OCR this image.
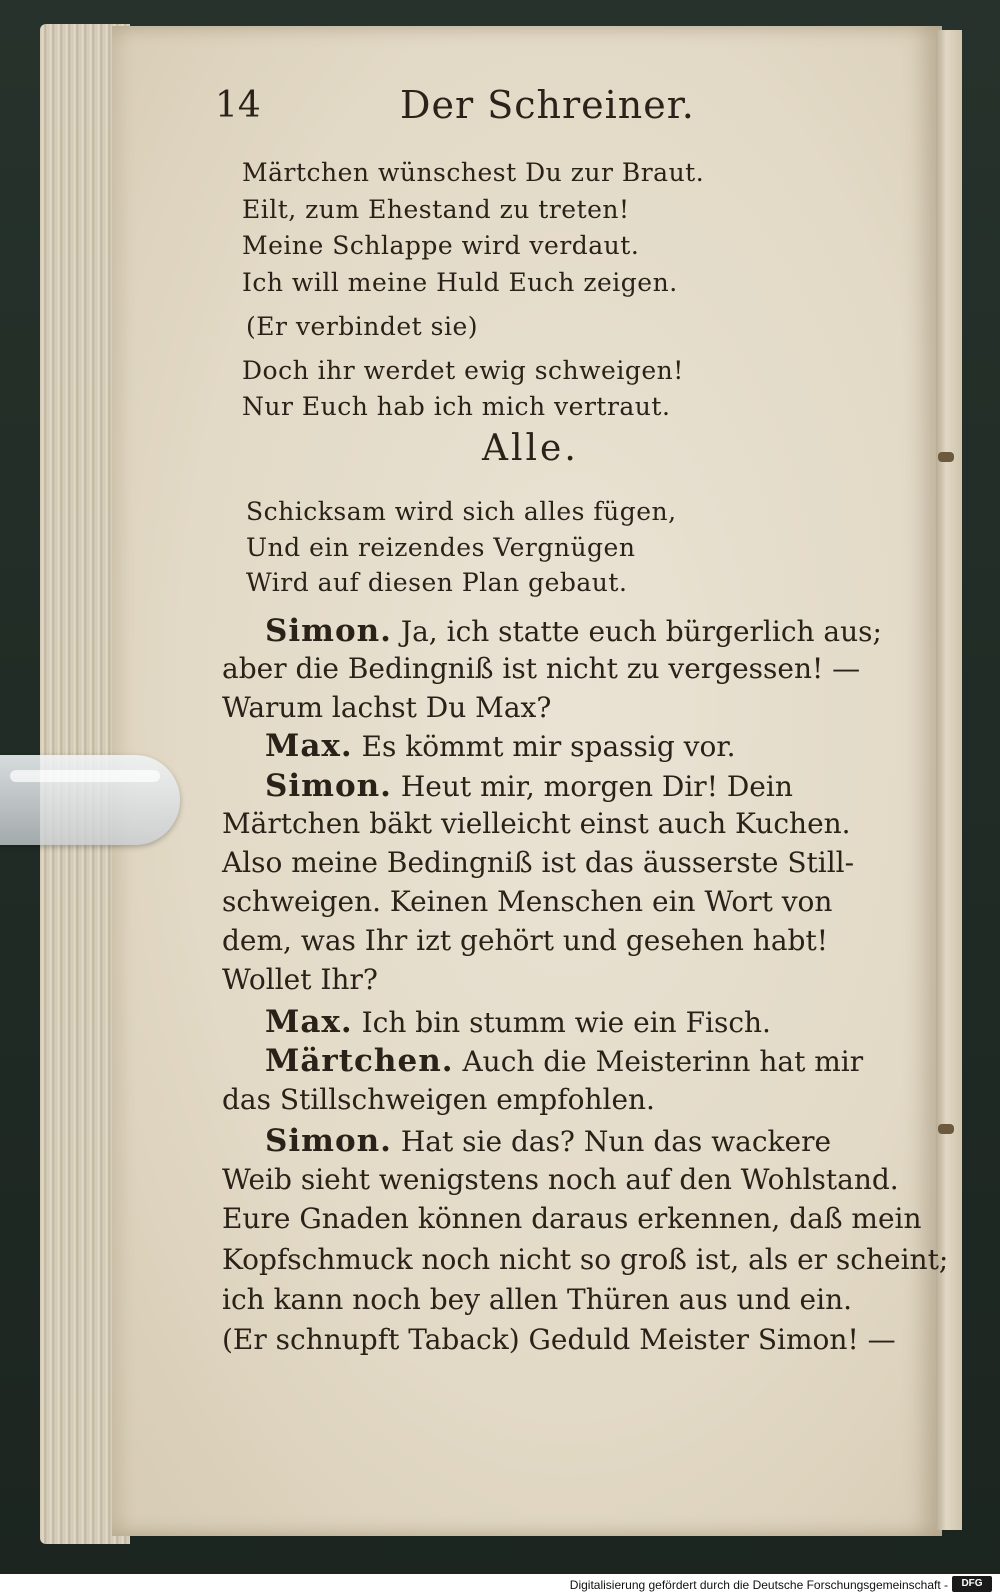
14	Der Schreiner.
Märtchen wünschest Du zur Braut.
Eilt, zum Ehestand zu treten!
Meine Schlappe wird verdaut.
Ich will meine Huld Euch zeigen.
(Er verbindet sie)
Doch ihr werdet ewig schweigen!
Nur Euch hab ich mich vertraut.
Alle.
Schicksam wird sich alles fügen,
Und ein reizendes Vergnügen
Wird auf diesen Plan gebaut.
Simon. Ja, ich statte euch bürgerlich aus;
aber die Bedingniß ist nicht zu vergessen! —
Warum lachst Du Max?
Max. Es kömmt mir spassig vor.
Simon. Heut mir, morgen Dir! Dein
Märtchen bäkt vielleicht einst auch Kuchen.
Also meine Bedingniß ist das äusserste Still-
schweigen. Keinen Menschen ein Wort von
dem, was Ihr izt gehört und gesehen habt!
Wollet Ihr?
Max. Ich bin stumm wie ein Fisch.
Märtchen. Auch die Meisterinn hat mir
das Stillschweigen empfohlen.
Simon. Hat sie das? Nun das wackere
Weib sieht wenigstens noch auf den Wohlstand.
Eure Gnaden können daraus erkennen, daß mein
Kopfschmuck noch nicht so groß ist, als er scheint;
ich kann noch bey allen Thüren aus und ein.
(Er schnupft Taback) Geduld Meister Simon! —
Digitalisierung gefördert durch die Deutsche Forschungsgemeinschaft -	DFG
